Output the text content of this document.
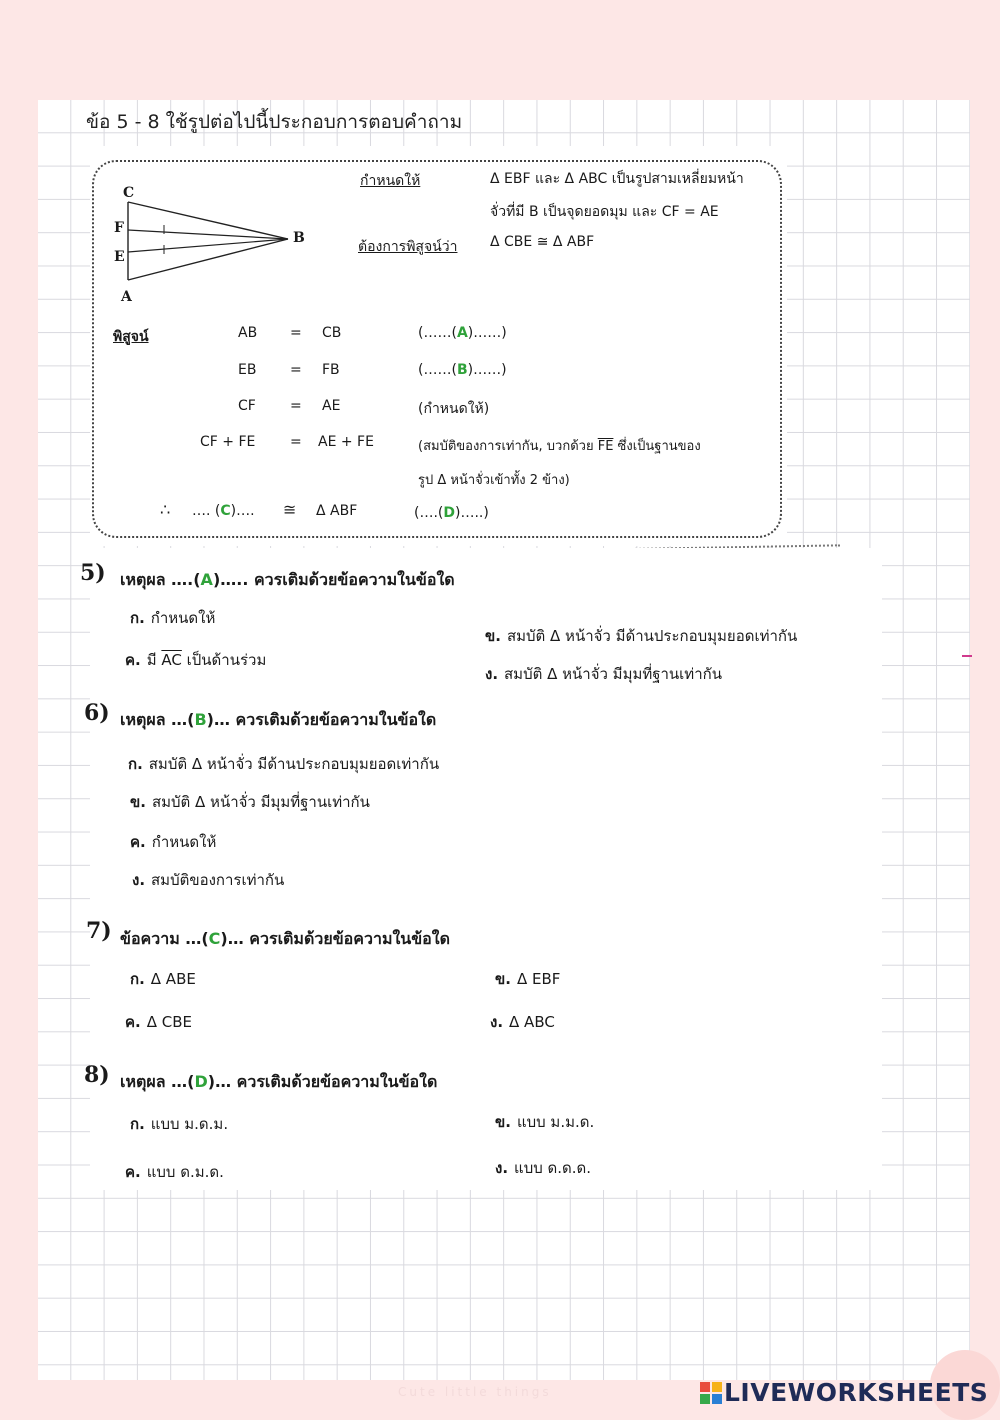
ข้อ 5 - 8 ใช้รูปต่อไปนี้ประกอบการตอบคำถาม
C
F
E
A
B
กำหนดให้	Δ EBF และ Δ ABC เป็นรูปสามเหลี่ยมหน้า
จั่วที่มี B เป็นจุดยอดมุม และ CF = AE
ต้องการพิสูจน์ว่า Δ CBE ≅ Δ ABF
พิสูจน์	AB = CB	(……(A)……)
EB = FB	(……(B)……)
CF = AE	(กำหนดให้)
CF + FE = AE + FE	(สมบัติของการเท่ากัน, บวกด้วย $\overline{FE}$ ซึ่งเป็นฐานของ
รูป Δ หน้าจั่วเข้าทั้ง 2 ข้าง)
∴ …. (C)…. ≅ Δ ABF	(….(D)…..)
5) เหตุผล ….(A)….. ควรเติมด้วยข้อความในข้อใด
ก. กำหนดให้
ข. สมบัติ Δ หน้าจั่ว มีด้านประกอบมุมยอดเท่ากัน
ค. มี $\overline{AC}$ เป็นด้านร่วม
ง. สมบัติ Δ หน้าจั่ว มีมุมที่ฐานเท่ากัน
6) เหตุผล …(B)… ควรเติมด้วยข้อความในข้อใด
ก. สมบัติ Δ หน้าจั่ว มีด้านประกอบมุมยอดเท่ากัน
ข. สมบัติ Δ หน้าจั่ว มีมุมที่ฐานเท่ากัน
ค. กำหนดให้
ง. สมบัติของการเท่ากัน
7) ข้อความ …(C)… ควรเติมด้วยข้อความในข้อใด
ก. Δ ABE	ข. Δ EBF
ค. Δ CBE	ง. Δ ABC
8) เหตุผล …(D)… ควรเติมด้วยข้อความในข้อใด
ก. แบบ ม.ด.ม.	ข. แบบ ม.ม.ด.
ค. แบบ ด.ม.ด.	ง. แบบ ด.ด.ด.
Cute little things	LIVEWORKSHEETS
